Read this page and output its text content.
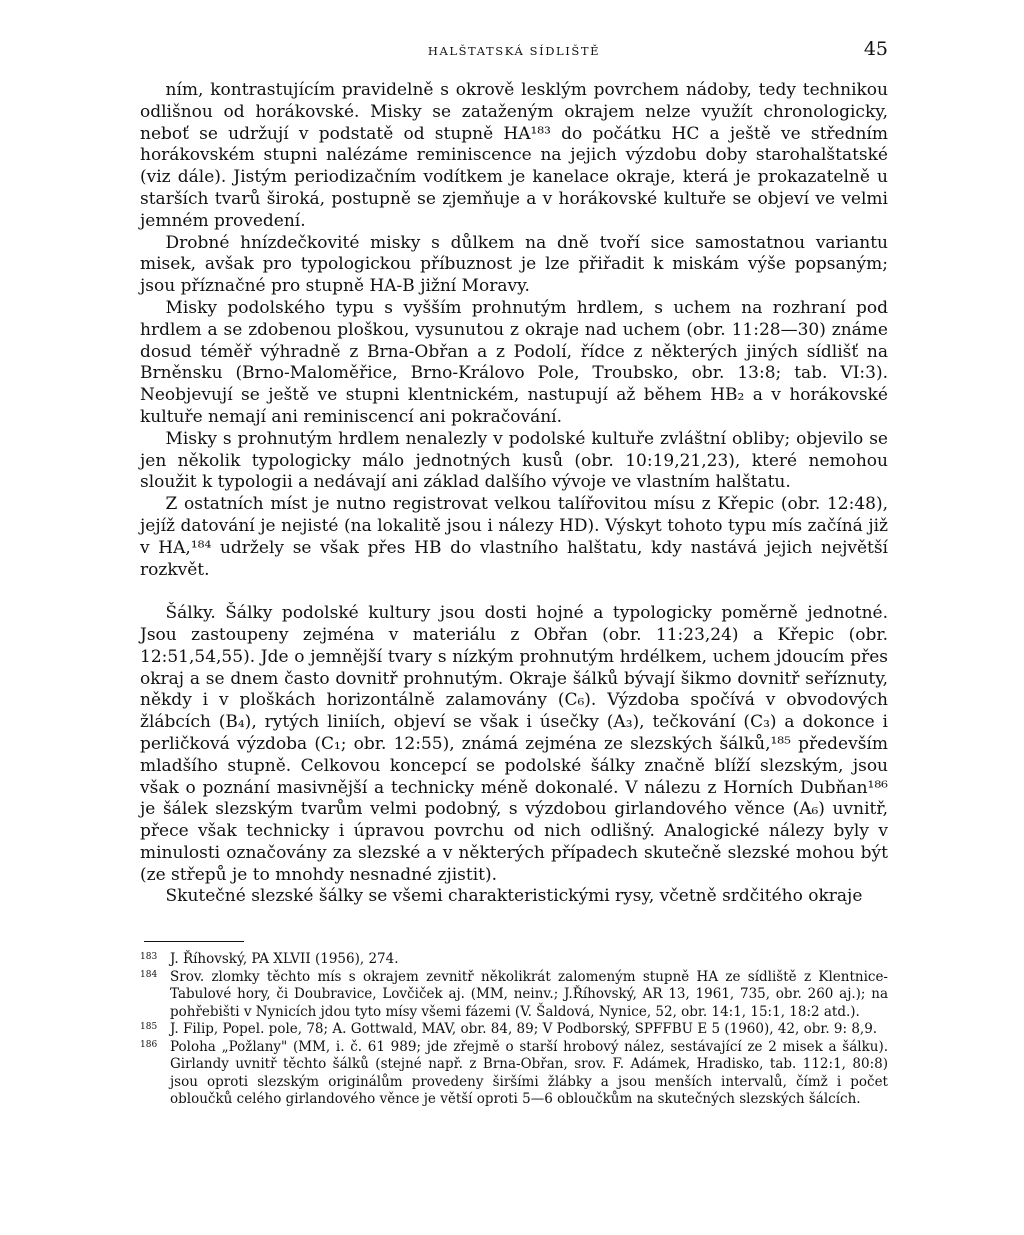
HALŠTATSKÁ SÍDLIŠTĚ	45

ním, kontrastujícím pravidelně s okrově lesklým povrchem nádoby, tedy technikou odlišnou od horákovské. Misky se zataženým okrajem nelze využít chronologicky, neboť se udržují v podstatě od stupně HA¹⁸³ do počátku HC a ještě ve středním horákovském stupni nalézáme reminiscence na jejich výzdobu doby starohalštatské (viz dále). Jistým periodizačním vodítkem je kanelace okraje, která je prokazatelně u starších tvarů široká, postupně se zjemňuje a v horákovské kultuře se objeví ve velmi jemném provedení.

Drobné hnízdečkovité misky s důlkem na dně tvoří sice samostatnou variantu misek, avšak pro typologickou příbuznost je lze přiřadit k miskám výše popsaným; jsou příznačné pro stupně HA-B jižní Moravy.

Misky podolského typu s vyšším prohnutým hrdlem, s uchem na rozhraní pod hrdlem a se zdobenou ploškou, vysunutou z okraje nad uchem (obr. 11:28—30) známe dosud téměř výhradně z Brna-Obřan a z Podolí, řídce z některých jiných sídlišť na Brněnsku (Brno-Maloměřice, Brno-Královo Pole, Troubsko, obr. 13:8; tab. VI:3). Neobjevují se ještě ve stupni klentnickém, nastupují až během HB₂ a v horákovské kultuře nemají ani reminiscencí ani pokračování.

Misky s prohnutým hrdlem nenalezly v podolské kultuře zvláštní obliby; objevilo se jen několik typologicky málo jednotných kusů (obr. 10:19,21,23), které nemohou sloužit k typologii a nedávají ani základ dalšího vývoje ve vlastním halštatu.

Z ostatních míst je nutno registrovat velkou talířovitou mísu z Křepic (obr. 12:48), jejíž datování je nejisté (na lokalitě jsou i nálezy HD). Výskyt tohoto typu mís začíná již v HA,¹⁸⁴ udržely se však přes HB do vlastního halštatu, kdy nastává jejich největší rozkvět.

Šálky. Šálky podolské kultury jsou dosti hojné a typologicky poměrně jednotné. Jsou zastoupeny zejména v materiálu z Obřan (obr. 11:23,24) a Křepic (obr. 12:51,54,55). Jde o jemnější tvary s nízkým prohnutým hrdélkem, uchem jdoucím přes okraj a se dnem často dovnitř prohnutým. Okraje šálků bývají šikmo dovnitř seříznuty, někdy i v ploškách horizontálně zalamovány (C₆). Výzdoba spočívá v obvodových žlábcích (B₄), rytých liniích, objeví se však i úsečky (A₃), tečkování (C₃) a dokonce i perličková výzdoba (C₁; obr. 12:55), známá zejména ze slezských šálků,¹⁸⁵ především mladšího stupně. Celkovou koncepcí se podolské šálky značně blíží slezským, jsou však o poznání masivnější a technicky méně dokonalé. V nálezu z Horních Dubňan¹⁸⁶ je šálek slezským tvarům velmi podobný, s výzdobou girlandového věnce (A₆) uvnitř, přece však technicky i úpravou povrchu od nich odlišný. Analogické nálezy byly v minulosti označovány za slezské a v některých případech skutečně slezské mohou být (ze střepů je to mnohdy nesnadné zjistit).

Skutečné slezské šálky se všemi charakteristickými rysy, včetně srdčitého okraje

183 J. Říhovský, PA XLVII (1956), 274.
184 Srov. zlomky těchto mís s okrajem zevnitř několikrát zalomeným stupně HA ze sídliště z Klentnice-Tabulové hory, či Doubravice, Lovčiček aj. (MM, neinv.; J.Říhovský, AR 13, 1961, 735, obr. 260 aj.); na pohřebišti v Nynicích jdou tyto mísy všemi fázemi (V. Šaldová, Nynice, 52, obr. 14:1, 15:1, 18:2 atd.).
185 J. Filip, Popel. pole, 78; A. Gottwald, MAV, obr. 84, 89; V Podborský, SPFFBU E 5 (1960), 42, obr. 9: 8,9.
186 Poloha „Požlany" (MM, i. č. 61 989; jde zřejmě o starší hrobový nález, sestávající ze 2 misek a šálku). Girlandy uvnitř těchto šálků (stejné např. z Brna-Obřan, srov. F. Adámek, Hradisko, tab. 112:1, 80:8) jsou oproti slezským originálům provedeny širšími žlábky a jsou menších intervalů, čímž i počet obloučků celého girlandového věnce je větší oproti 5—6 obloučkům na skutečných slezských šálcích.
